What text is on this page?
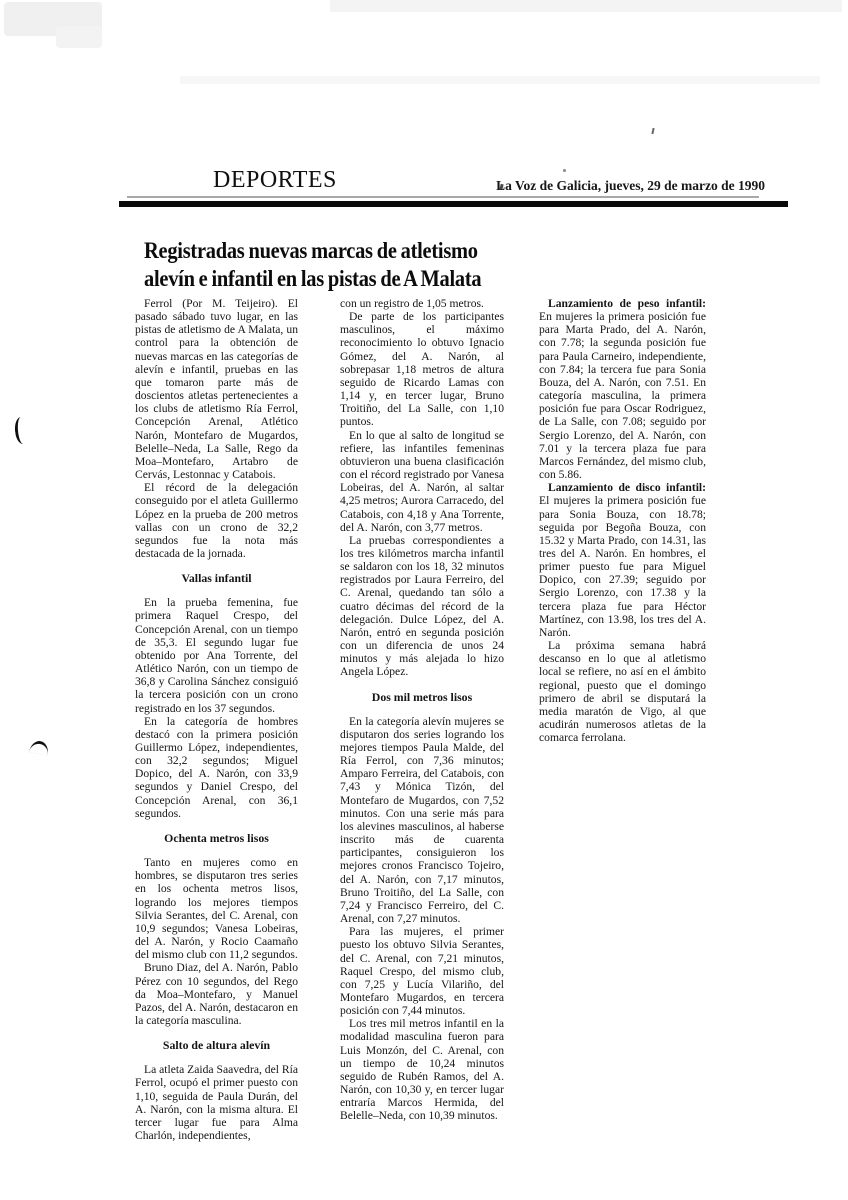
DEPORTES	La Voz de Galicia, jueves, 29 de marzo de 1990
Registradas nuevas marcas de atletismo
alevín e infantil en las pistas de A Malata

Ferrol (Por M. Teijeiro). El pasado sábado tuvo lugar, en las pistas de atletismo de A Malata, un control para la obtención de nuevas marcas en las categorías de alevín e infantil, pruebas en las que tomaron parte más de doscientos atletas pertenecientes a los clubs de atletismo Ría Ferrol, Concepción Arenal, Atlético Narón, Montefaro de Mugardos, Belelle–Neda, La Salle, Rego da Moa–Montefaro, Artabro de Cervás, Lestonnac y Catabois.

El récord de la delegación conseguido por el atleta Guillermo López en la prueba de 200 metros vallas con un crono de 32,2 segundos fue la nota más destacada de la jornada.

Vallas infantil

En la prueba femenina, fue primera Raquel Crespo, del Concepción Arenal, con un tiempo de 35,3. El segundo lugar fue obtenido por Ana Torrente, del Atlético Narón, con un tiempo de 36,8 y Carolina Sánchez consiguió la tercera posición con un crono registrado en los 37 segundos.

En la categoría de hombres destacó con la primera posición Guillermo López, independientes, con 32,2 segundos; Miguel Dopico, del A. Narón, con 33,9 segundos y Daniel Crespo, del Concepción Arenal, con 36,1 segundos.

Ochenta metros lisos

Tanto en mujeres como en hombres, se disputaron tres series en los ochenta metros lisos, logrando los mejores tiempos Silvia Serantes, del C. Arenal, con 10,9 segundos; Vanesa Lobeiras, del A. Narón, y Rocio Caamaño del mismo club con 11,2 segundos.

Bruno Diaz, del A. Narón, Pablo Pérez con 10 segundos, del Rego da Moa–Montefaro, y Manuel Pazos, del A. Narón, destacaron en la categoría masculina.

Salto de altura alevín

La atleta Zaida Saavedra, del Ría Ferrol, ocupó el primer puesto con 1,10, seguida de Paula Durán, del A. Narón, con la misma altura. El tercer lugar fue para Alma Charlón, independientes,

con un registro de 1,05 metros.

De parte de los participantes masculinos, el máximo reconocimiento lo obtuvo Ignacio Gómez, del A. Narón, al sobrepasar 1,18 metros de altura seguido de Ricardo Lamas con 1,14 y, en tercer lugar, Bruno Troitiño, del La Salle, con 1,10 puntos.

En lo que al salto de longitud se refiere, las infantiles femeninas obtuvieron una buena clasificación con el récord registrado por Vanesa Lobeiras, del A. Narón, al saltar 4,25 metros; Aurora Carracedo, del Catabois, con 4,18 y Ana Torrente, del A. Narón, con 3,77 metros.

La pruebas correspondientes a los tres kilómetros marcha infantil se saldaron con los 18, 32 minutos registrados por Laura Ferreiro, del C. Arenal, quedando tan sólo a cuatro décimas del récord de la delegación. Dulce López, del A. Narón, entró en segunda posición con un diferencia de unos 24 minutos y más alejada lo hizo Angela López.

Dos mil metros lisos

En la categoría alevín mujeres se disputaron dos series logrando los mejores tiempos Paula Malde, del Ría Ferrol, con 7,36 minutos; Amparo Ferreira, del Catabois, con 7,43 y Mónica Tizón, del Montefaro de Mugardos, con 7,52 minutos. Con una serie más para los alevines masculinos, al haberse inscrito más de cuarenta participantes, consiguieron los mejores cronos Francisco Tojeiro, del A. Narón, con 7,17 minutos, Bruno Troitiño, del La Salle, con 7,24 y Francisco Ferreiro, del C. Arenal, con 7,27 minutos.

Para las mujeres, el primer puesto los obtuvo Silvia Serantes, del C. Arenal, con 7,21 minutos, Raquel Crespo, del mismo club, con 7,25 y Lucía Vilariño, del Montefaro Mugardos, en tercera posición con 7,44 minutos.

Los tres mil metros infantil en la modalidad masculina fueron para Luis Monzón, del C. Arenal, con un tiempo de 10,24 minutos seguido de Rubén Ramos, del A. Narón, con 10,30 y, en tercer lugar entraría Marcos Hermida, del Belelle–Neda, con 10,39 minutos.

Lanzamiento de peso infantil: En mujeres la primera posición fue para Marta Prado, del A. Narón, con 7.78; la segunda posición fue para Paula Carneiro, independiente, con 7.84; la tercera fue para Sonia Bouza, del A. Narón, con 7.51. En categoría masculina, la primera posición fue para Oscar Rodriguez, de La Salle, con 7.08; seguido por Sergio Lorenzo, del A. Narón, con 7.01 y la tercera plaza fue para Marcos Fernández, del mismo club, con 5.86.

Lanzamiento de disco infantil: El mujeres la primera posición fue para Sonia Bouza, con 18.78; seguida por Begoña Bouza, con 15.32 y Marta Prado, con 14.31, las tres del A. Narón. En hombres, el primer puesto fue para Miguel Dopico, con 27.39; seguido por Sergio Lorenzo, con 17.38 y la tercera plaza fue para Héctor Martínez, con 13.98, los tres del A. Narón.

La próxima semana habrá descanso en lo que al atletismo local se refiere, no así en el ámbito regional, puesto que el domingo primero de abril se disputará la media maratón de Vigo, al que acudirán numerosos atletas de la comarca ferrolana.
